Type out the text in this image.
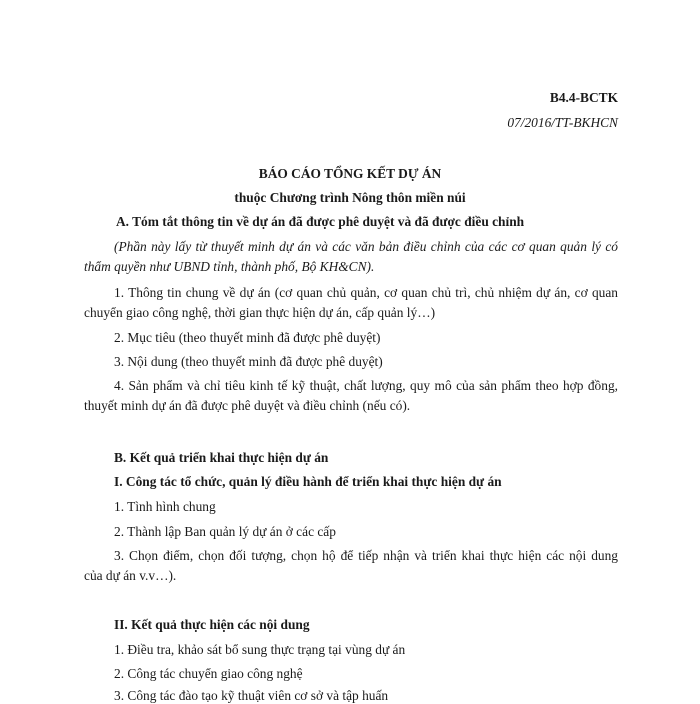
B4.4-BCTK
07/2016/TT-BKHCN
BÁO CÁO TỔNG KẾT DỰ ÁN
thuộc Chương trình Nông thôn miền núi
A. Tóm tắt thông tin về dự án đã được phê duyệt và đã được điều chỉnh
(Phần này lấy từ thuyết minh dự án và các văn bản điều chỉnh của các cơ quan quản lý có
thẩm quyền như UBND tỉnh, thành phố, Bộ KH&CN).
1. Thông tin chung về dự án (cơ quan chủ quản, cơ quan chủ trì, chủ nhiệm dự án, cơ quan
chuyển giao công nghệ, thời gian thực hiện dự án, cấp quản lý…)
2. Mục tiêu (theo thuyết minh đã được phê duyệt)
3. Nội dung (theo thuyết minh đã được phê duyệt)
4. Sản phẩm và chỉ tiêu kinh tế kỹ thuật, chất lượng, quy mô của sản phẩm theo hợp đồng,
thuyết minh dự án đã được phê duyệt và điều chỉnh (nếu có).
B. Kết quả triển khai thực hiện dự án
I. Công tác tổ chức, quản lý điều hành để triển khai thực hiện dự án
1. Tình hình chung
2. Thành lập Ban quản lý dự án ở các cấp
3. Chọn điểm, chọn đối tượng, chọn hộ để tiếp nhận và triển khai thực hiện các nội dung
của dự án v.v…).
II. Kết quả thực hiện các nội dung
1. Điều tra, khảo sát bổ sung thực trạng tại vùng dự án
2. Công tác chuyển giao công nghệ
3. Công tác đào tạo kỹ thuật viên cơ sở và tập huấn
